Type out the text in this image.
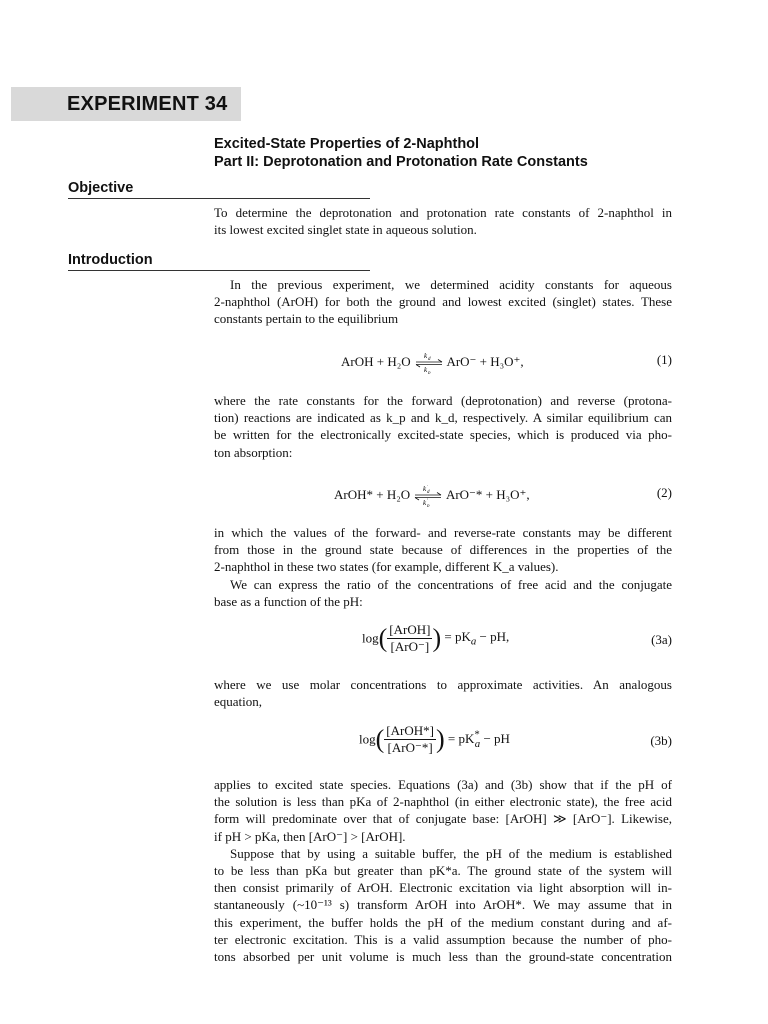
EXPERIMENT 34
Excited-State Properties of 2-Naphthol
Part II: Deprotonation and Protonation Rate Constants
Objective
To determine the deprotonation and protonation rate constants of 2-naphthol in
its lowest excited singlet state in aqueous solution.
Introduction
In the previous experiment, we determined acidity constants for aqueous
2-naphthol (ArOH) for both the ground and lowest excited (singlet) states. These
constants pertain to the equilibrium
ArOH + H₂O k d
k p
ArO⁻ + H₃O⁺,	(1)
where the rate constants for the forward (deprotonation) and reverse (protona-
tion) reactions are indicated as k_p and k_d, respectively. A similar equilibrium can
be written for the electronically excited-state species, which is produced via pho-
ton absorption:
ArOH* + H₂O k ′
d
k ′
p
ArO⁻* + H₃O⁺,	(2)
in which the values of the forward- and reverse-rate constants may be different
from those in the ground state because of differences in the properties of the
2-naphthol in these two states (for example, different K_a values).
We can express the ratio of the concentrations of free acid and the conjugate
base as a function of the pH:
$\log( \frac{\text{[ArOH]}}{\text{[ArO⁻]}}$ ) = $pK_a$ − pH,	(3a)
where we use molar concentrations to approximate activities. An analogous
equation,
$\log( \frac{\text{[ArOH*]}}{\text{[ArO⁻*]}}$ ) = $pK^*_a$ − pH	(3b)
applies to excited state species. Equations (3a) and (3b) show that if the pH of
the solution is less than pKa of 2-naphthol (in either electronic state), the free acid
form will predominate over that of conjugate base: [ArOH] ≫ [ArO⁻]. Likewise,
if pH > pKa, then [ArO⁻] > [ArOH].
Suppose that by using a suitable buffer, the pH of the medium is established
to be less than pKa but greater than pK*a. The ground state of the system will
then consist primarily of ArOH. Electronic excitation via light absorption will in-
stantaneously (~10⁻¹³ s) transform ArOH into ArOH*. We may assume that in
this experiment, the buffer holds the pH of the medium constant during and af-
ter electronic excitation. This is a valid assumption because the number of pho-
tons absorbed per unit volume is much less than the ground-state concentration
